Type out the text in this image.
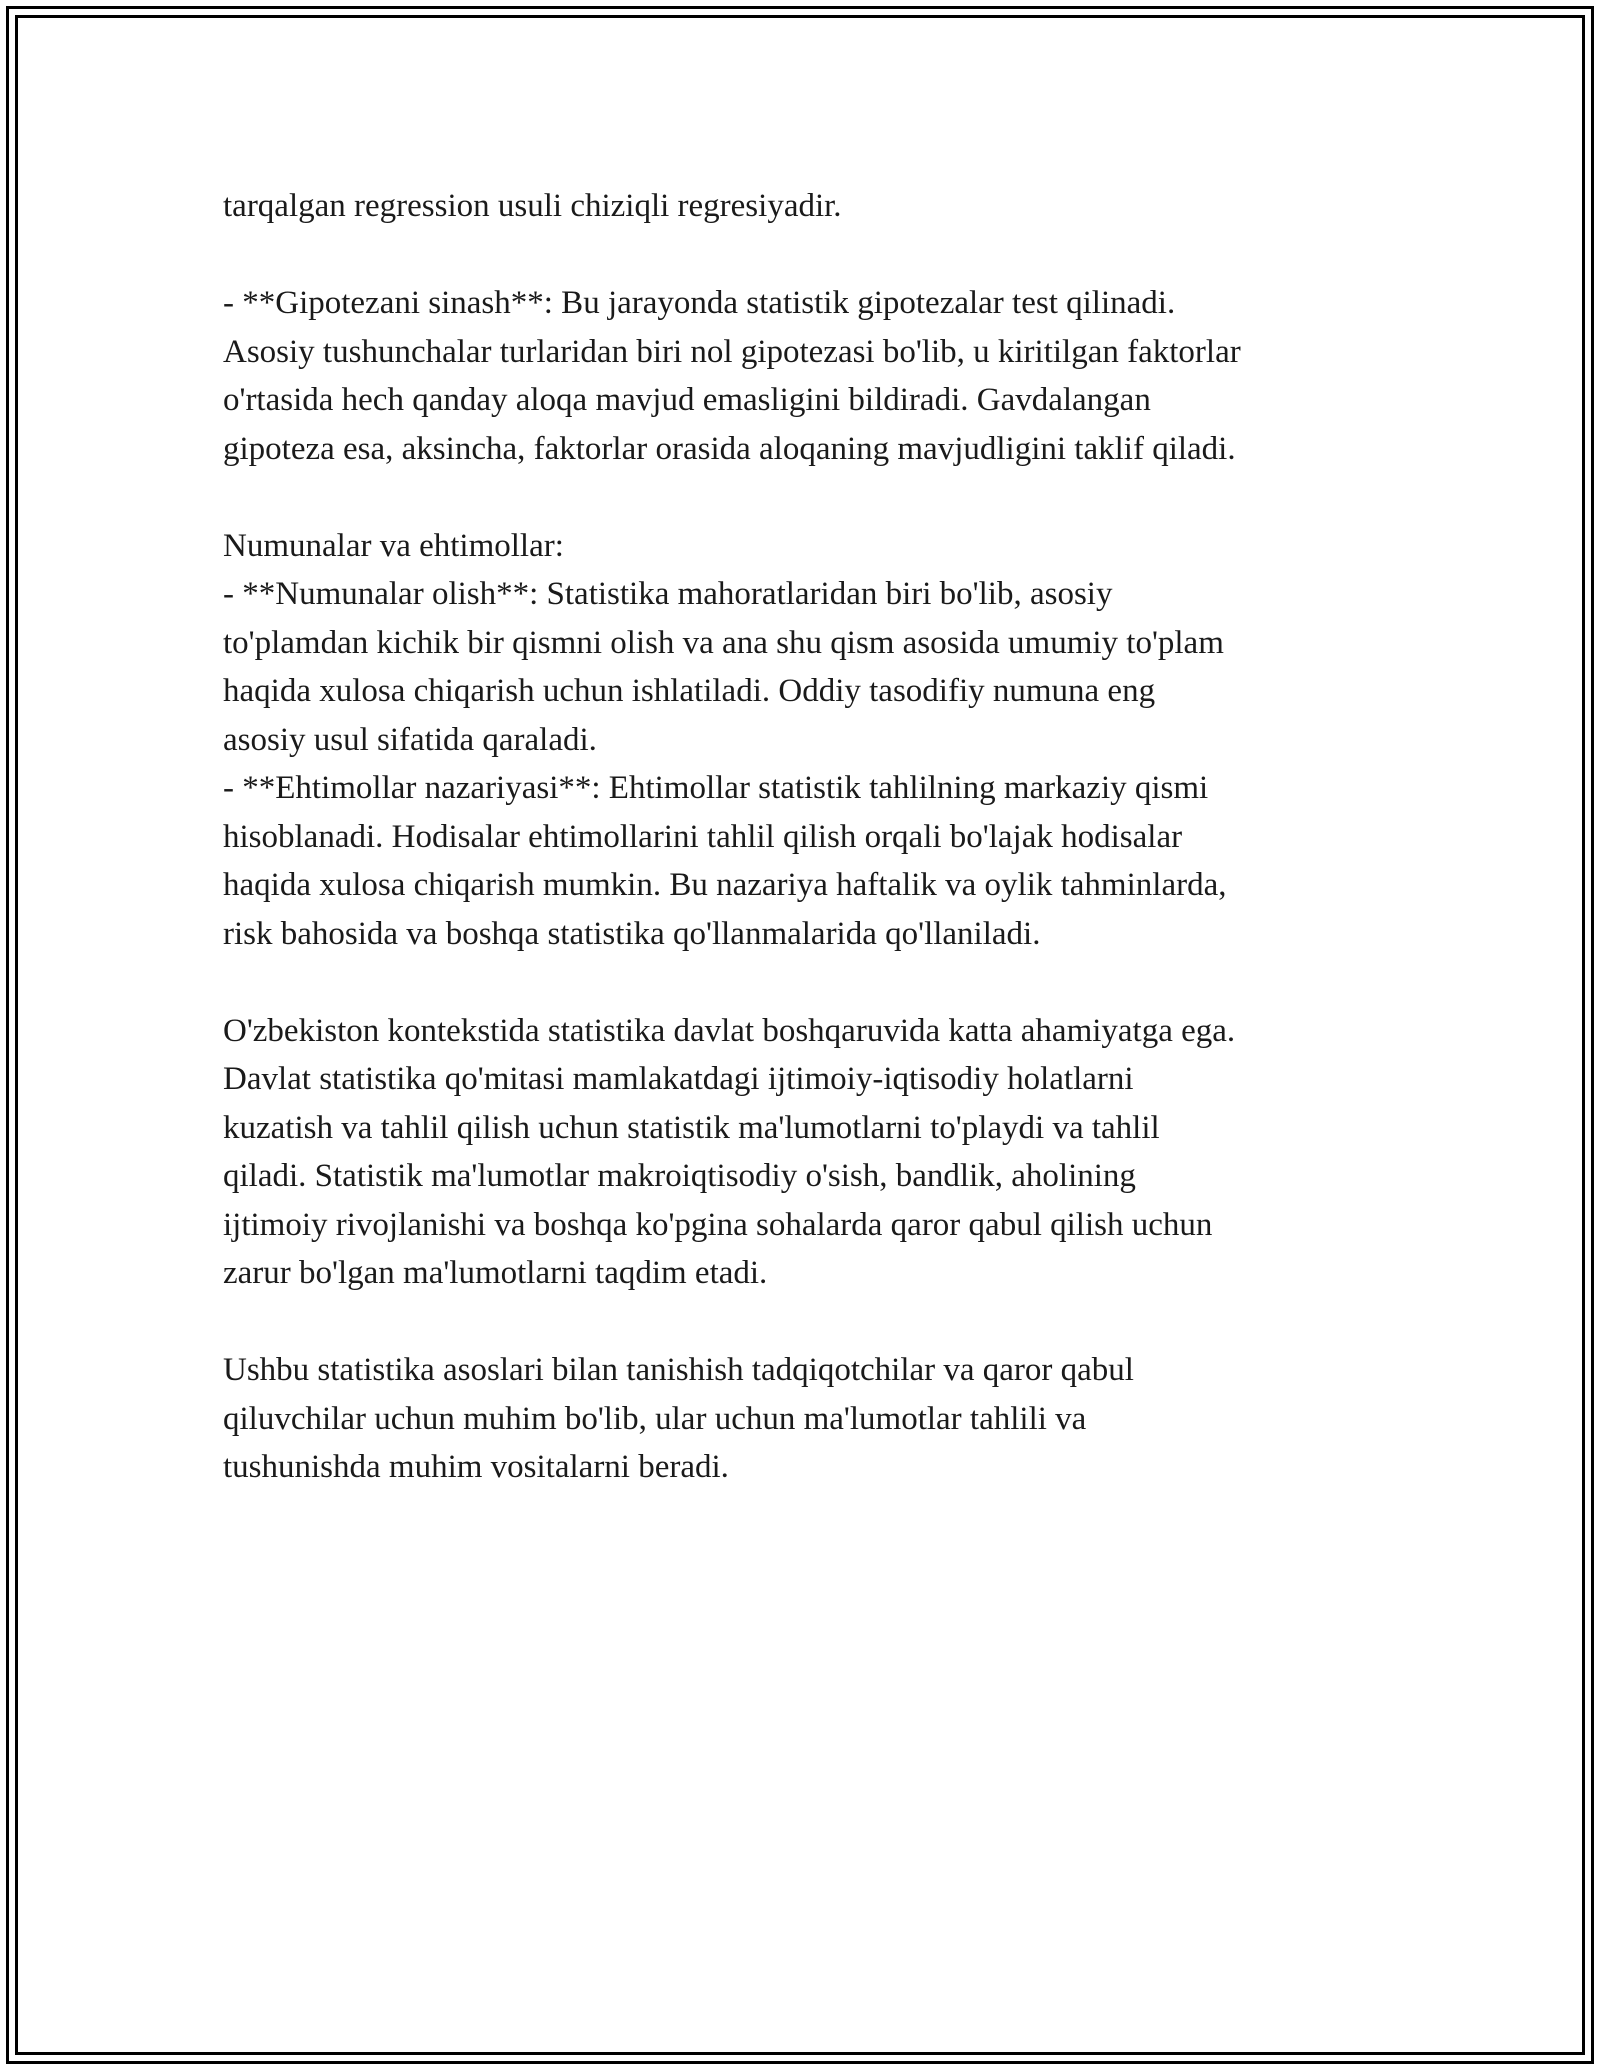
tarqalgan regression usuli chiziqli regresiyadir.
- **Gipotezani sinash**: Bu jarayonda statistik gipotezalar test qilinadi.
Asosiy tushunchalar turlaridan biri nol gipotezasi bo'lib, u kiritilgan faktorlar
o'rtasida hech qanday aloqa mavjud emasligini bildiradi. Gavdalangan
gipoteza esa, aksincha, faktorlar orasida aloqaning mavjudligini taklif qiladi.
Numunalar va ehtimollar:
- **Numunalar olish**: Statistika mahoratlaridan biri bo'lib, asosiy
to'plamdan kichik bir qismni olish va ana shu qism asosida umumiy to'plam
haqida xulosa chiqarish uchun ishlatiladi. Oddiy tasodifiy numuna eng
asosiy usul sifatida qaraladi.
- **Ehtimollar nazariyasi**: Ehtimollar statistik tahlilning markaziy qismi
hisoblanadi. Hodisalar ehtimollarini tahlil qilish orqali bo'lajak hodisalar
haqida xulosa chiqarish mumkin. Bu nazariya haftalik va oylik tahminlarda,
risk bahosida va boshqa statistika qo'llanmalarida qo'llaniladi.
O'zbekiston kontekstida statistika davlat boshqaruvida katta ahamiyatga ega.
Davlat statistika qo'mitasi mamlakatdagi ijtimoiy-iqtisodiy holatlarni
kuzatish va tahlil qilish uchun statistik ma'lumotlarni to'playdi va tahlil
qiladi. Statistik ma'lumotlar makroiqtisodiy o'sish, bandlik, aholining
ijtimoiy rivojlanishi va boshqa ko'pgina sohalarda qaror qabul qilish uchun
zarur bo'lgan ma'lumotlarni taqdim etadi.
Ushbu statistika asoslari bilan tanishish tadqiqotchilar va qaror qabul
qiluvchilar uchun muhim bo'lib, ular uchun ma'lumotlar tahlili va
tushunishda muhim vositalarni beradi.
